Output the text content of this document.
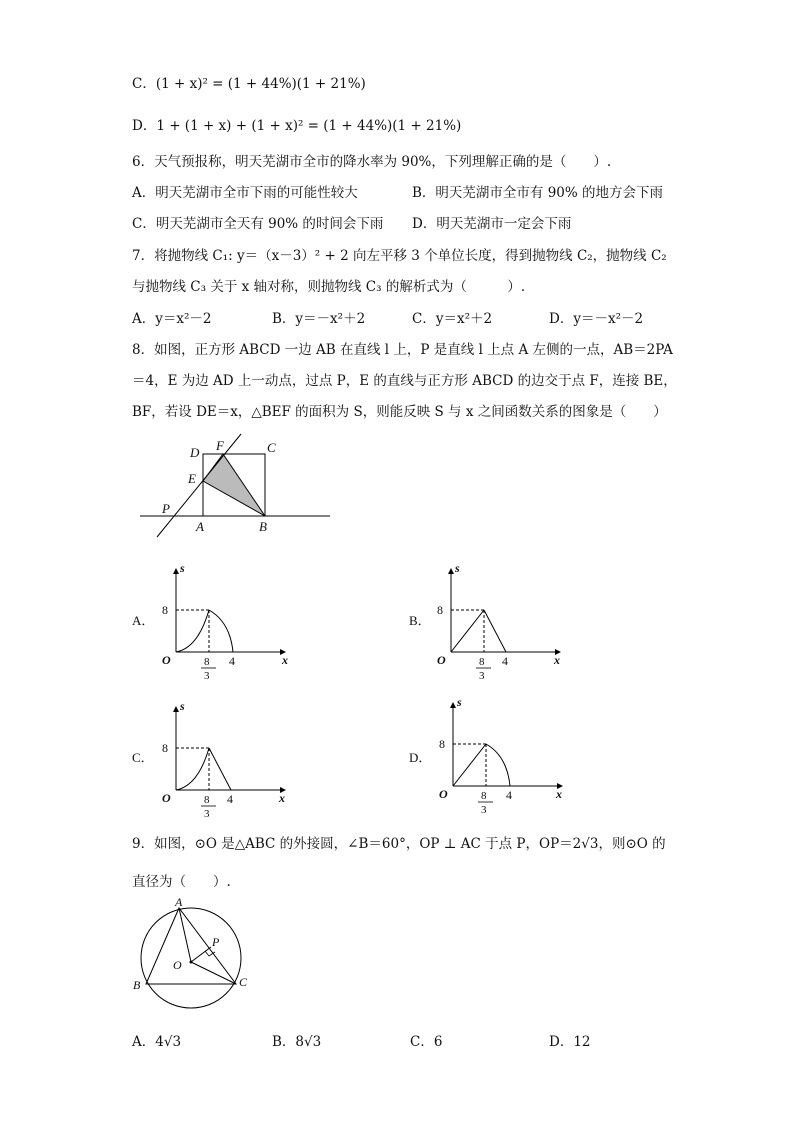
C．(1 + x)² = (1 + 44%)(1 + 21%)
D．1 + (1 + x) + (1 + x)² = (1 + 44%)(1 + 21%)
6．天气预报称，明天芜湖市全市的降水率为 90%，下列理解正确的是（　　）.
A．明天芜湖市全市下雨的可能性较大	B．明天芜湖市全市有 90% 的地方会下雨
C．明天芜湖市全天有 90% 的时间会下雨 D．明天芜湖市一定会下雨
7．将抛物线 C₁: y＝（x－3）² + 2 向左平移 3 个单位长度，得到抛物线 C₂，抛物线 C₂
与抛物线 C₃ 关于 x 轴对称，则抛物线 C₃ 的解析式为（　　　）.
A．y＝x²－2	B．y＝－x²＋2	C．y＝x²＋2	D．y＝－x²－2
8．如图，正方形 ABCD 一边 AB 在直线 l 上，P 是直线 l 上点 A 左侧的一点，AB＝2PA
＝4，E 为边 AD 上一动点，过点 P，E 的直线与正方形 ABCD 的边交于点 F，连接 BE，
BF，若设 DE＝x，△BEF 的面积为 S，则能反映 S 与 x 之间函数关系的图象是（　　）
D F	C
E
P
A	B
A．
s
x
O
8
8
3
4
B．
s
x
O
8
8
3
4
C．
s
x
O
8
8
3
4
D．
s
x
O
8
8
3
4
9．如图，⊙O 是△ABC 的外接圆，∠B＝60°，OP ⊥ AC 于点 P，OP＝2√3，则⊙O 的
直径为（　　）.
A
B	C
O
P
A．4√3	B．8√3	C．6	D．12
